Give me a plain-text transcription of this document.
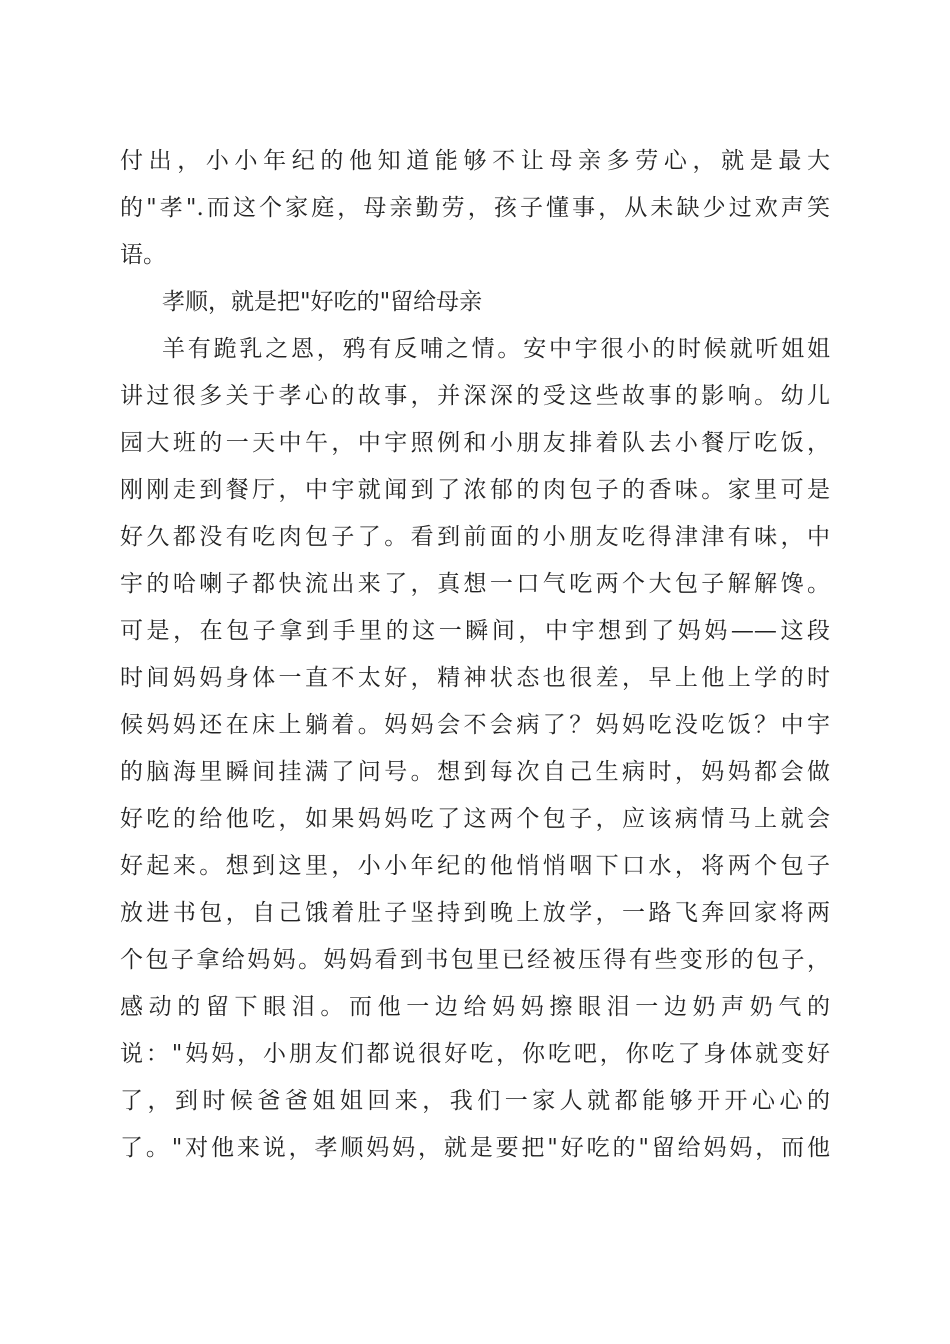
付出，小小年纪的他知道能够不让母亲多劳心，就是最大
的"孝".而这个家庭，母亲勤劳，孩子懂事，从未缺少过欢声笑
语。
孝顺，就是把"好吃的"留给母亲
羊有跪乳之恩，鸦有反哺之情。安中宇很小的时候就听姐姐
讲过很多关于孝心的故事，并深深的受这些故事的影响。幼儿
园大班的一天中午，中宇照例和小朋友排着队去小餐厅吃饭，
刚刚走到餐厅，中宇就闻到了浓郁的肉包子的香味。家里可是
好久都没有吃肉包子了。看到前面的小朋友吃得津津有味，中
宇的哈喇子都快流出来了，真想一口气吃两个大包子解解馋。
可是，在包子拿到手里的这一瞬间，中宇想到了妈妈——这段
时间妈妈身体一直不太好，精神状态也很差，早上他上学的时
候妈妈还在床上躺着。妈妈会不会病了？妈妈吃没吃饭？中宇
的脑海里瞬间挂满了问号。想到每次自己生病时，妈妈都会做
好吃的给他吃，如果妈妈吃了这两个包子，应该病情马上就会
好起来。想到这里，小小年纪的他悄悄咽下口水，将两个包子
放进书包，自己饿着肚子坚持到晚上放学，一路飞奔回家将两
个包子拿给妈妈。妈妈看到书包里已经被压得有些变形的包子，
感动的留下眼泪。而他一边给妈妈擦眼泪一边奶声奶气的
说："妈妈，小朋友们都说很好吃，你吃吧，你吃了身体就变好
了，到时候爸爸姐姐回来，我们一家人就都能够开开心心的
了。"对他来说，孝顺妈妈，就是要把"好吃的"留给妈妈，而他
